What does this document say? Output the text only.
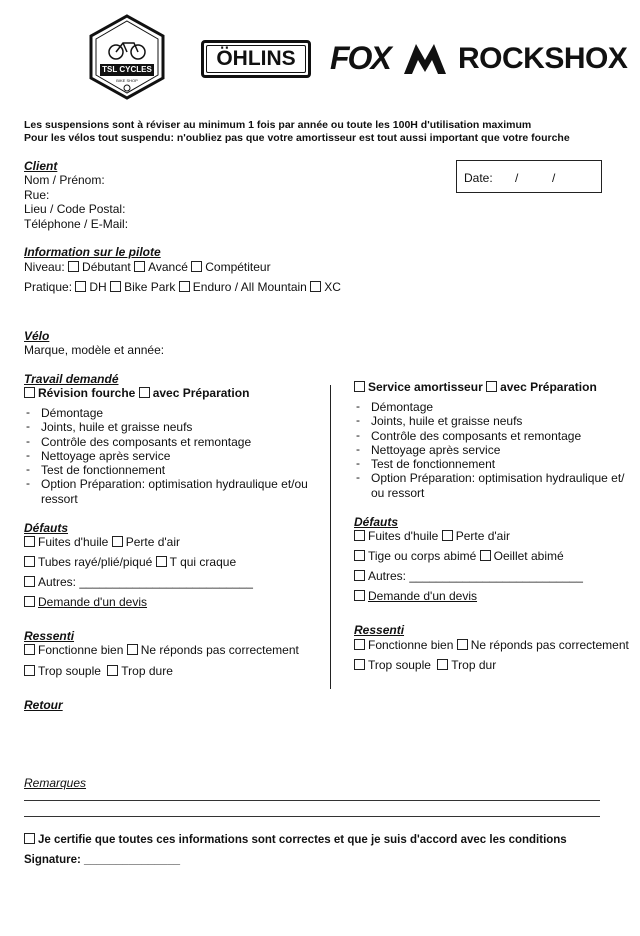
TSL CYCLES
BIKE SHOP
ÖHLINS FOX ROCKSHOX
Les suspensions sont à réviser au minimum 1 fois par année ou toute les 100H d'utilisation maximum
Pour les vélos tout suspendu: n'oubliez pas que votre amortisseur est tout aussi important que votre fourche
Client
Nom / Prénom:
Rue:
Lieu / Code Postal:
Téléphone / E-Mail:
Date: /	/
Information sur le pilote
Niveau: Débutant Avancé Compétiteur
Pratique: DH Bike Park Enduro / All Mountain XC
Vélo
Marque, modèle et année:
Travail demandé
Révision fourche avec Préparation
- Démontage
- Joints, huile et graisse neufs
- Contrôle des composants et remontage
- Nettoyage après service
- Test de fonctionnement
- Option Préparation: optimisation hydraulique et/ou ressort
Défauts
Fuites d'huile Perte d'air
Tubes rayé/plié/piqué T qui craque
Autres: __________________________
Demande d'un devis
Ressenti
Fonctionne bien Ne réponds pas correctement
Trop souple Trop dure
Service amortisseur avec Préparation
- Démontage
- Joints, huile et graisse neufs
- Contrôle des composants et remontage
- Nettoyage après service
- Test de fonctionnement
- Option Préparation: optimisation hydraulique et/ ou ressort
Défauts
Fuites d'huile Perte d'air
Tige ou corps abimé Oeillet abimé
Autres: __________________________
Demande d'un devis
Ressenti
Fonctionne bien Ne réponds pas correctement
Trop souple Trop dur
Retour
Remarques
Je certifie que toutes ces informations sont correctes et que je suis d'accord avec les conditions
Signature: _______________
